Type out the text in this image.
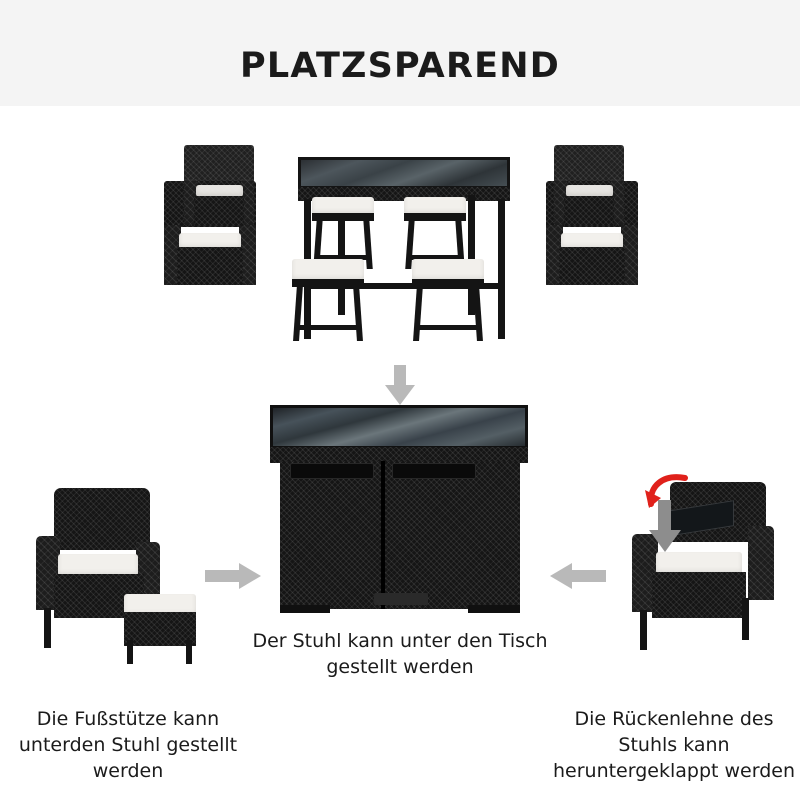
PLATZSPAREND
Der Stuhl kann unter den Tisch gestellt werden
Die Fußstütze kann unterden Stuhl gestellt werden
Die Rückenlehne des Stuhls kann heruntergeklappt werden
